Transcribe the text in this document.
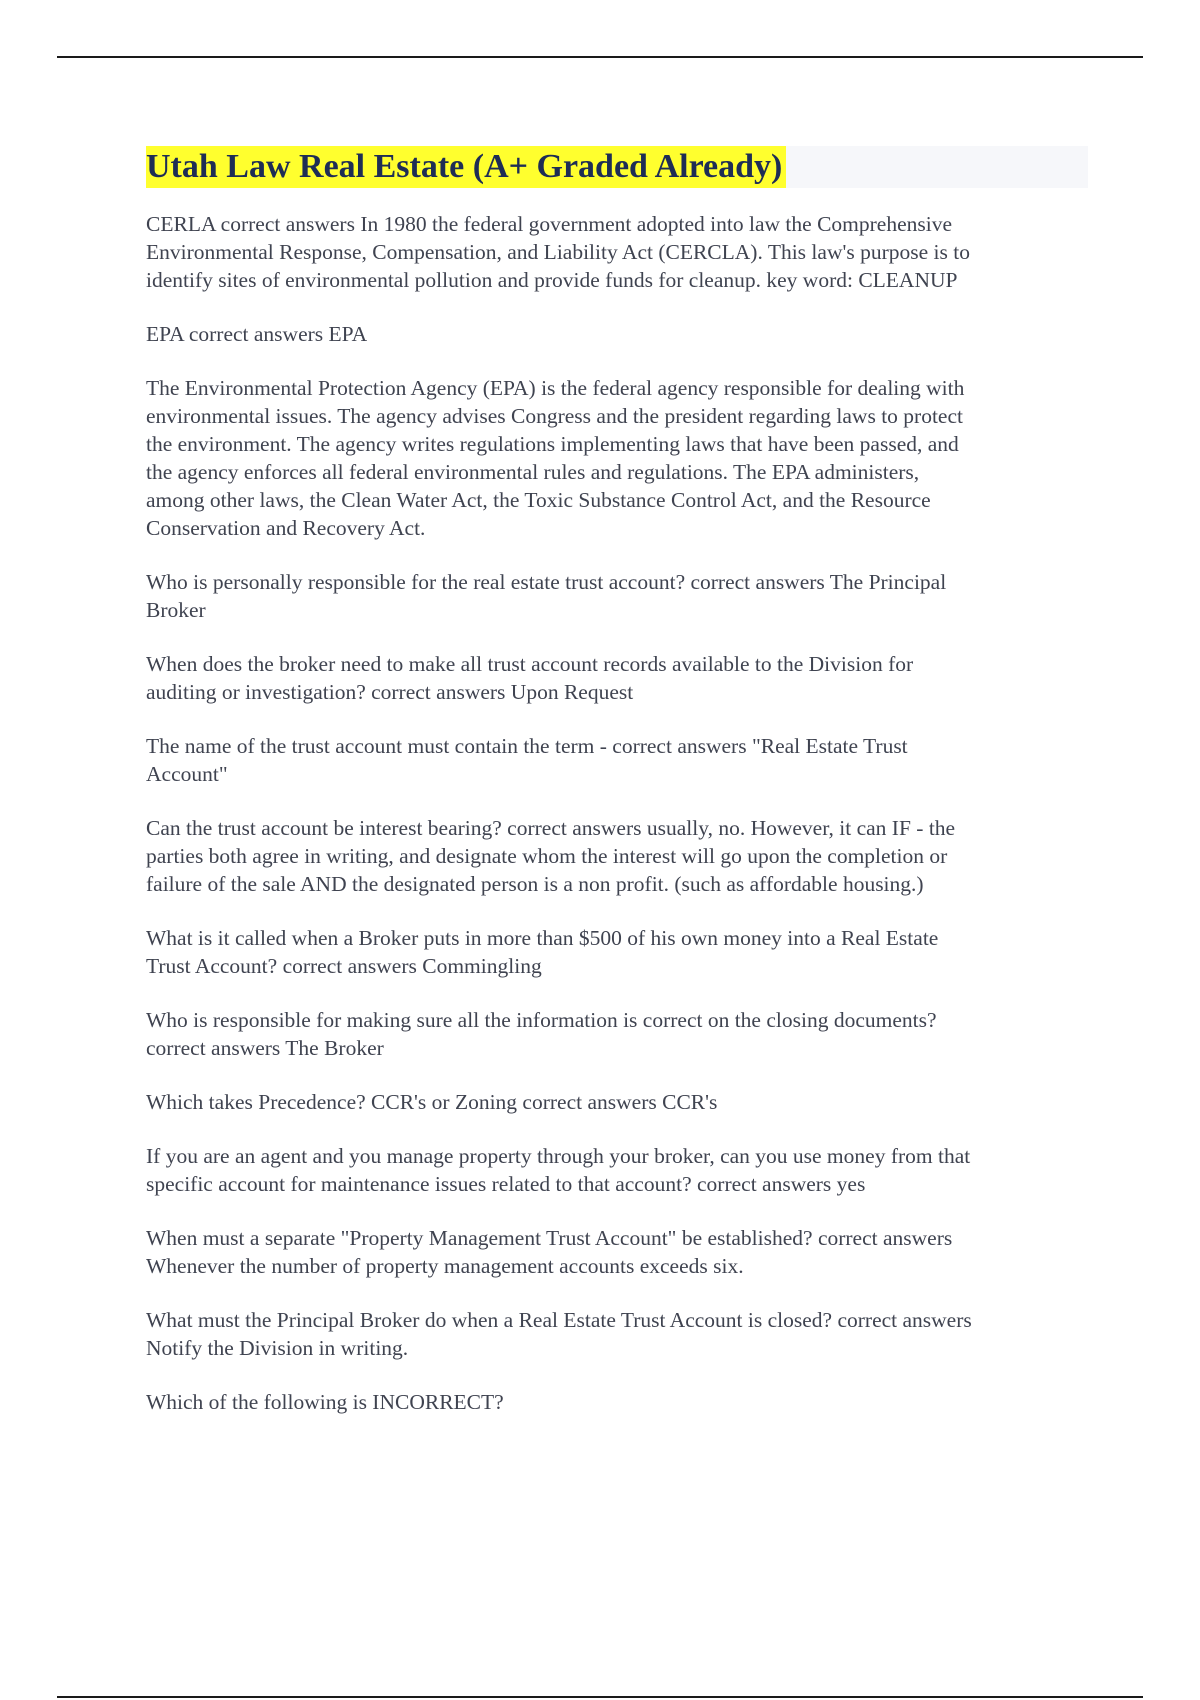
Utah Law Real Estate (A+ Graded Already)

CERLA correct answers In 1980 the federal government adopted into law the Comprehensive
Environmental Response, Compensation, and Liability Act (CERCLA). This law's purpose is to
identify sites of environmental pollution and provide funds for cleanup. key word: CLEANUP

EPA correct answers EPA

The Environmental Protection Agency (EPA) is the federal agency responsible for dealing with
environmental issues. The agency advises Congress and the president regarding laws to protect
the environment. The agency writes regulations implementing laws that have been passed, and
the agency enforces all federal environmental rules and regulations. The EPA administers,
among other laws, the Clean Water Act, the Toxic Substance Control Act, and the Resource
Conservation and Recovery Act.

Who is personally responsible for the real estate trust account? correct answers The Principal
Broker

When does the broker need to make all trust account records available to the Division for
auditing or investigation? correct answers Upon Request

The name of the trust account must contain the term - correct answers "Real Estate Trust
Account"

Can the trust account be interest bearing? correct answers usually, no. However, it can IF - the
parties both agree in writing, and designate whom the interest will go upon the completion or
failure of the sale AND the designated person is a non profit. (such as affordable housing.)

What is it called when a Broker puts in more than $500 of his own money into a Real Estate
Trust Account? correct answers Commingling

Who is responsible for making sure all the information is correct on the closing documents?
correct answers The Broker

Which takes Precedence? CCR's or Zoning correct answers CCR's

If you are an agent and you manage property through your broker, can you use money from that
specific account for maintenance issues related to that account? correct answers yes

When must a separate "Property Management Trust Account" be established? correct answers
Whenever the number of property management accounts exceeds six.

What must the Principal Broker do when a Real Estate Trust Account is closed? correct answers
Notify the Division in writing.

Which of the following is INCORRECT?
